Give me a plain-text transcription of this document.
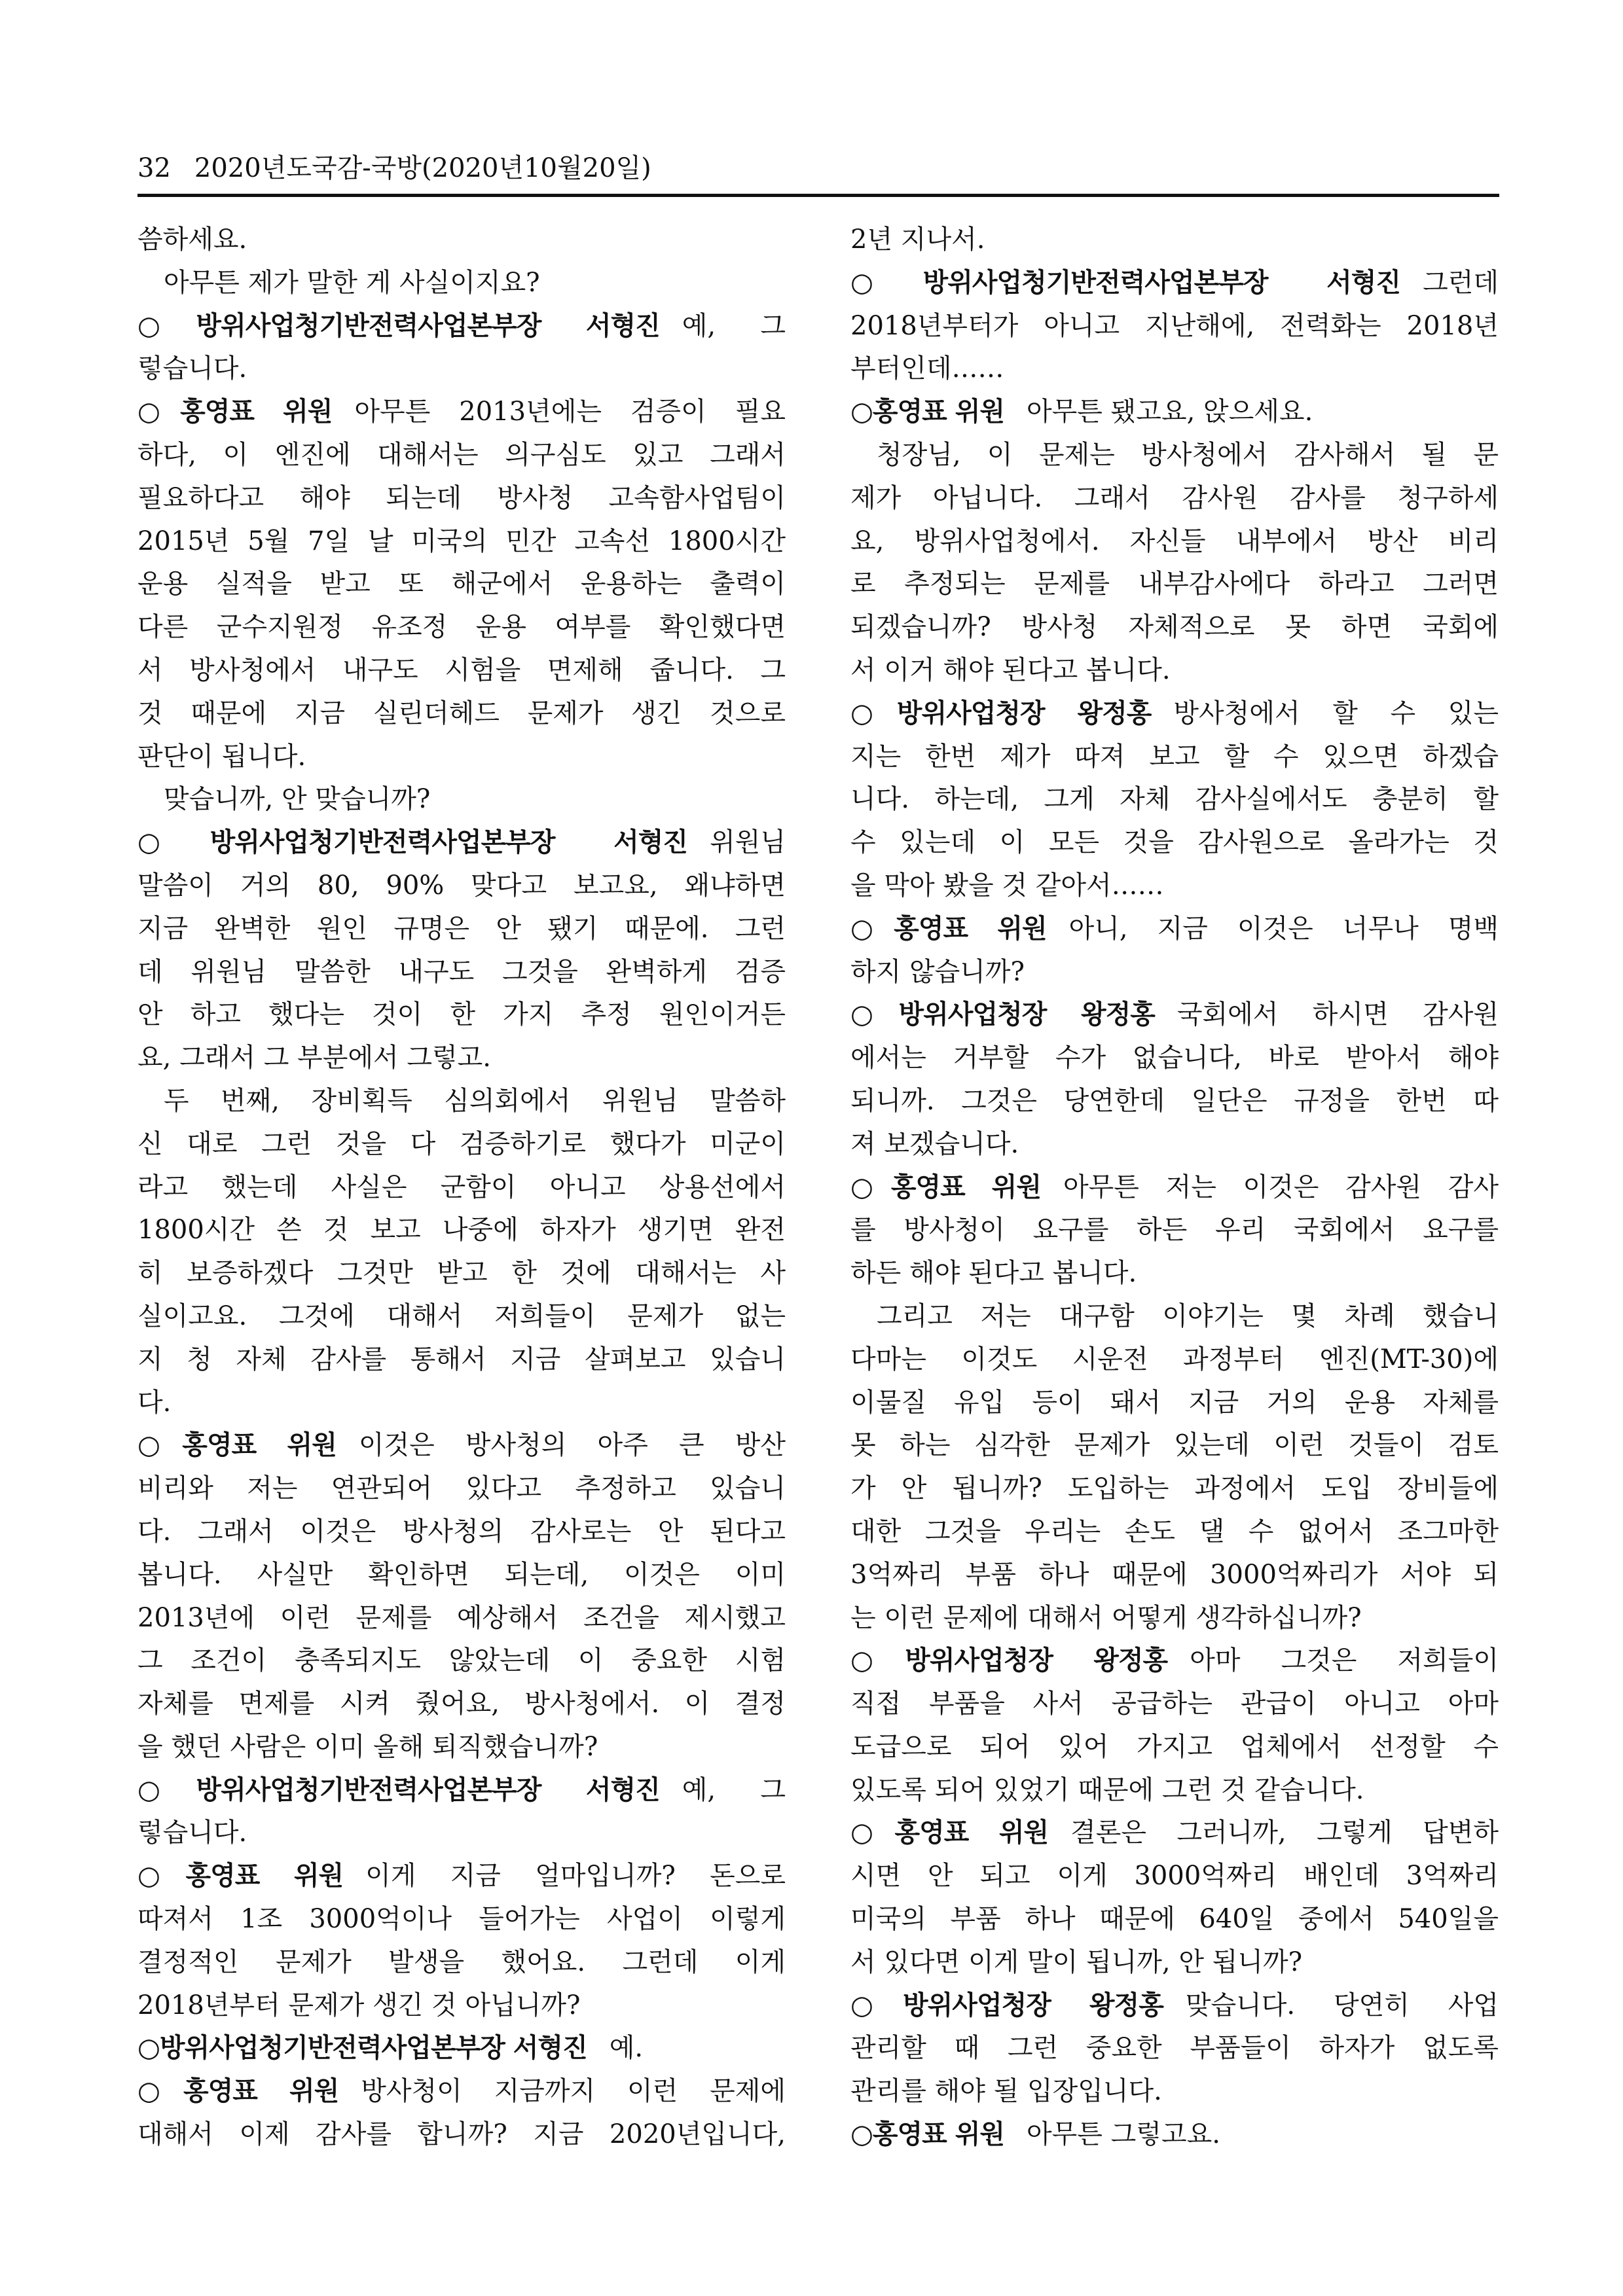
32 2020년도국감-국방(2020년10월20일)
씀하세요.
아무튼 제가 말한 게 사실이지요?
○방위사업청기반전력사업본부장 서형진 예, 그
렇습니다.
○홍영표 위원 아무튼 2013년에는 검증이 필요
하다, 이 엔진에 대해서는 의구심도 있고 그래서
필요하다고 해야 되는데 방사청 고속함사업팀이
2015년 5월 7일 날 미국의 민간 고속선 1800시간
운용 실적을 받고 또 해군에서 운용하는 출력이
다른 군수지원정 유조정 운용 여부를 확인했다면
서 방사청에서 내구도 시험을 면제해 줍니다. 그
것 때문에 지금 실린더헤드 문제가 생긴 것으로
판단이 됩니다.
맞습니까, 안 맞습니까?
○방위사업청기반전력사업본부장 서형진 위원님
말씀이 거의 80, 90% 맞다고 보고요, 왜냐하면
지금 완벽한 원인 규명은 안 됐기 때문에. 그런
데 위원님 말씀한 내구도 그것을 완벽하게 검증
안 하고 했다는 것이 한 가지 추정 원인이거든
요, 그래서 그 부분에서 그렇고.
두 번째, 장비획득 심의회에서 위원님 말씀하
신 대로 그런 것을 다 검증하기로 했다가 미군이
라고 했는데 사실은 군함이 아니고 상용선에서
1800시간 쓴 것 보고 나중에 하자가 생기면 완전
히 보증하겠다 그것만 받고 한 것에 대해서는 사
실이고요. 그것에 대해서 저희들이 문제가 없는
지 청 자체 감사를 통해서 지금 살펴보고 있습니
다.
○홍영표 위원 이것은 방사청의 아주 큰 방산
비리와 저는 연관되어 있다고 추정하고 있습니
다. 그래서 이것은 방사청의 감사로는 안 된다고
봅니다. 사실만 확인하면 되는데, 이것은 이미
2013년에 이런 문제를 예상해서 조건을 제시했고
그 조건이 충족되지도 않았는데 이 중요한 시험
자체를 면제를 시켜 줬어요, 방사청에서. 이 결정
을 했던 사람은 이미 올해 퇴직했습니까?
○방위사업청기반전력사업본부장 서형진 예, 그
렇습니다.
○홍영표 위원 이게 지금 얼마입니까? 돈으로
따져서 1조 3000억이나 들어가는 사업이 이렇게
결정적인 문제가 발생을 했어요. 그런데 이게
2018년부터 문제가 생긴 것 아닙니까?
○방위사업청기반전력사업본부장 서형진 예.
○홍영표 위원 방사청이 지금까지 이런 문제에
대해서 이제 감사를 합니까? 지금 2020년입니다,
2년 지나서.
○방위사업청기반전력사업본부장 서형진 그런데
2018년부터가 아니고 지난해에, 전력화는 2018년
부터인데……
○홍영표 위원 아무튼 됐고요, 앉으세요.
청장님, 이 문제는 방사청에서 감사해서 될 문
제가 아닙니다. 그래서 감사원 감사를 청구하세
요, 방위사업청에서. 자신들 내부에서 방산 비리
로 추정되는 문제를 내부감사에다 하라고 그러면
되겠습니까? 방사청 자체적으로 못 하면 국회에
서 이거 해야 된다고 봅니다.
○방위사업청장 왕정홍 방사청에서 할 수 있는
지는 한번 제가 따져 보고 할 수 있으면 하겠습
니다. 하는데, 그게 자체 감사실에서도 충분히 할
수 있는데 이 모든 것을 감사원으로 올라가는 것
을 막아 봤을 것 같아서……
○홍영표 위원 아니, 지금 이것은 너무나 명백
하지 않습니까?
○방위사업청장 왕정홍 국회에서 하시면 감사원
에서는 거부할 수가 없습니다, 바로 받아서 해야
되니까. 그것은 당연한데 일단은 규정을 한번 따
져 보겠습니다.
○홍영표 위원 아무튼 저는 이것은 감사원 감사
를 방사청이 요구를 하든 우리 국회에서 요구를
하든 해야 된다고 봅니다.
그리고 저는 대구함 이야기는 몇 차례 했습니
다마는 이것도 시운전 과정부터 엔진(MT-30)에
이물질 유입 등이 돼서 지금 거의 운용 자체를
못 하는 심각한 문제가 있는데 이런 것들이 검토
가 안 됩니까? 도입하는 과정에서 도입 장비들에
대한 그것을 우리는 손도 댈 수 없어서 조그마한
3억짜리 부품 하나 때문에 3000억짜리가 서야 되
는 이런 문제에 대해서 어떻게 생각하십니까?
○방위사업청장 왕정홍 아마 그것은 저희들이
직접 부품을 사서 공급하는 관급이 아니고 아마
도급으로 되어 있어 가지고 업체에서 선정할 수
있도록 되어 있었기 때문에 그런 것 같습니다.
○홍영표 위원 결론은 그러니까, 그렇게 답변하
시면 안 되고 이게 3000억짜리 배인데 3억짜리
미국의 부품 하나 때문에 640일 중에서 540일을
서 있다면 이게 말이 됩니까, 안 됩니까?
○방위사업청장 왕정홍 맞습니다. 당연히 사업
관리할 때 그런 중요한 부품들이 하자가 없도록
관리를 해야 될 입장입니다.
○홍영표 위원 아무튼 그렇고요.
